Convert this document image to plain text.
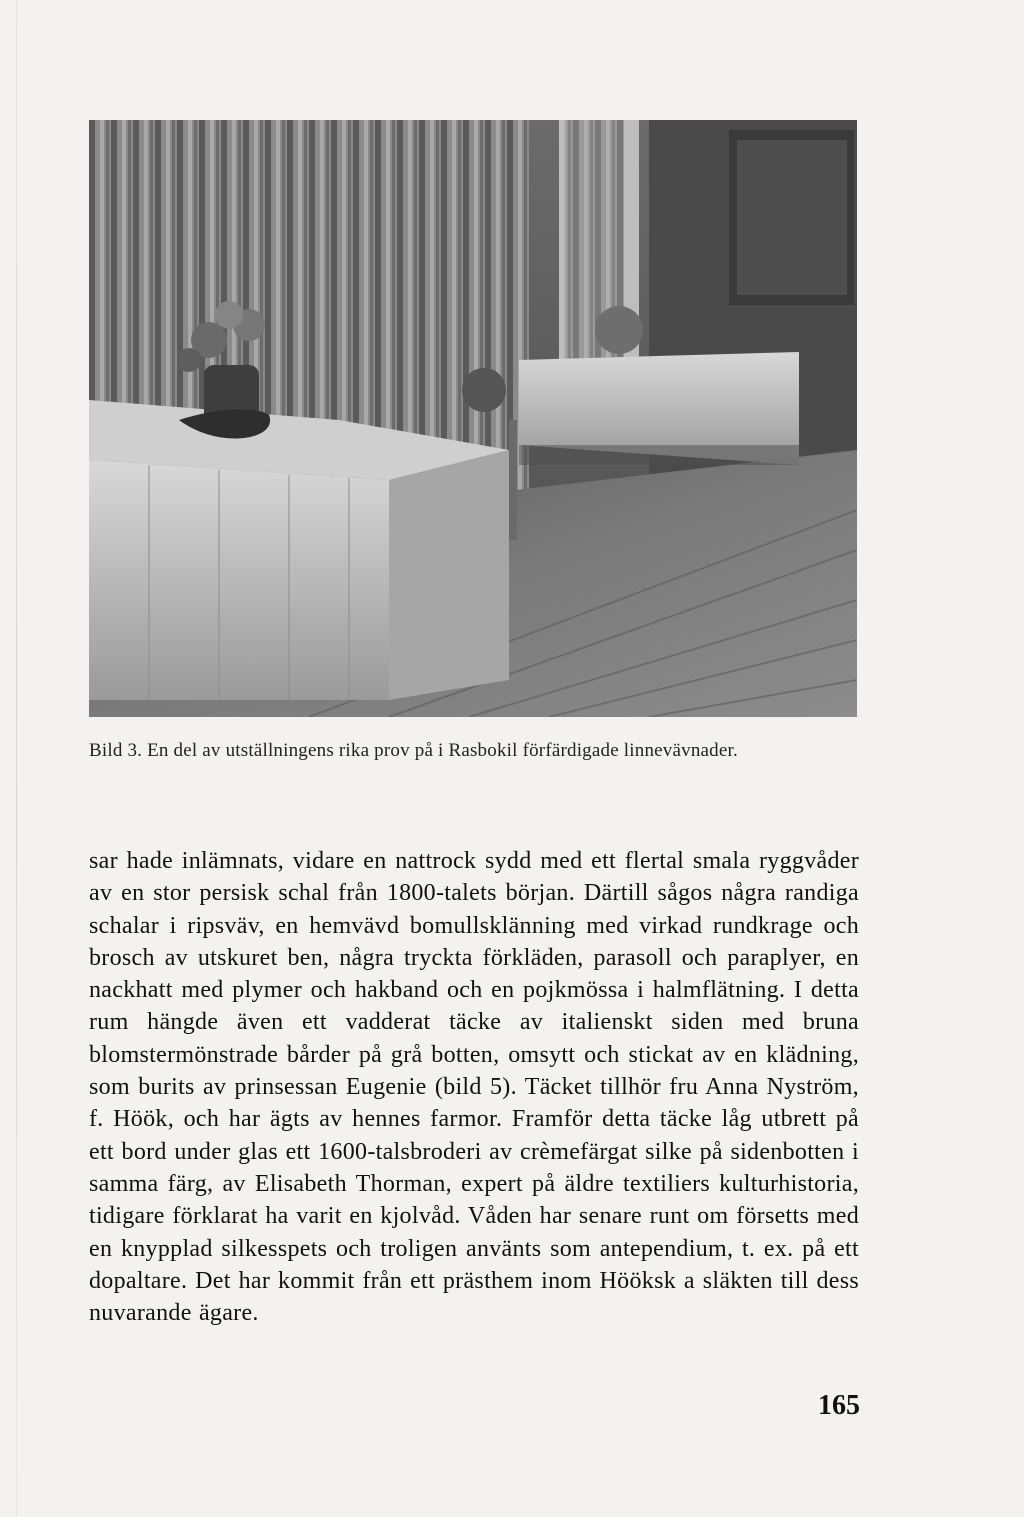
Bild 3. En del av utställningens rika prov på i Rasbokil förfärdigade linnevävnader.
sar hade inlämnats, vidare en nattrock sydd med ett flertal smala ryggvåder av en stor persisk schal från 1800-talets början. Därtill sågos några randiga schalar i ripsväv, en hemvävd bomullsklänning med virkad rundkrage och brosch av utskuret ben, några tryckta förkläden, parasoll och paraplyer, en nackhatt med plymer och hakband och en pojkmössa i halmflätning. I detta rum hängde även ett vadderat täcke av italienskt siden med bruna blomstermönstrade bårder på grå botten, omsytt och stickat av en klädning, som burits av prinsessan Eugenie (bild 5). Täcket tillhör fru Anna Nyström, f. Höök, och har ägts av hennes farmor. Framför detta täcke låg utbrett på ett bord under glas ett 1600-talsbroderi av crèmefärgat silke på sidenbotten i samma färg, av Elisabeth Thorman, expert på äldre textiliers kulturhistoria, tidigare förklarat ha varit en kjolvåd. Våden har senare runt om försetts med en knypplad silkesspets och troligen använts som antependium, t. ex. på ett dopaltare. Det har kommit från ett prästhem inom Hööksk a släkten till dess nuvarande ägare.
165
